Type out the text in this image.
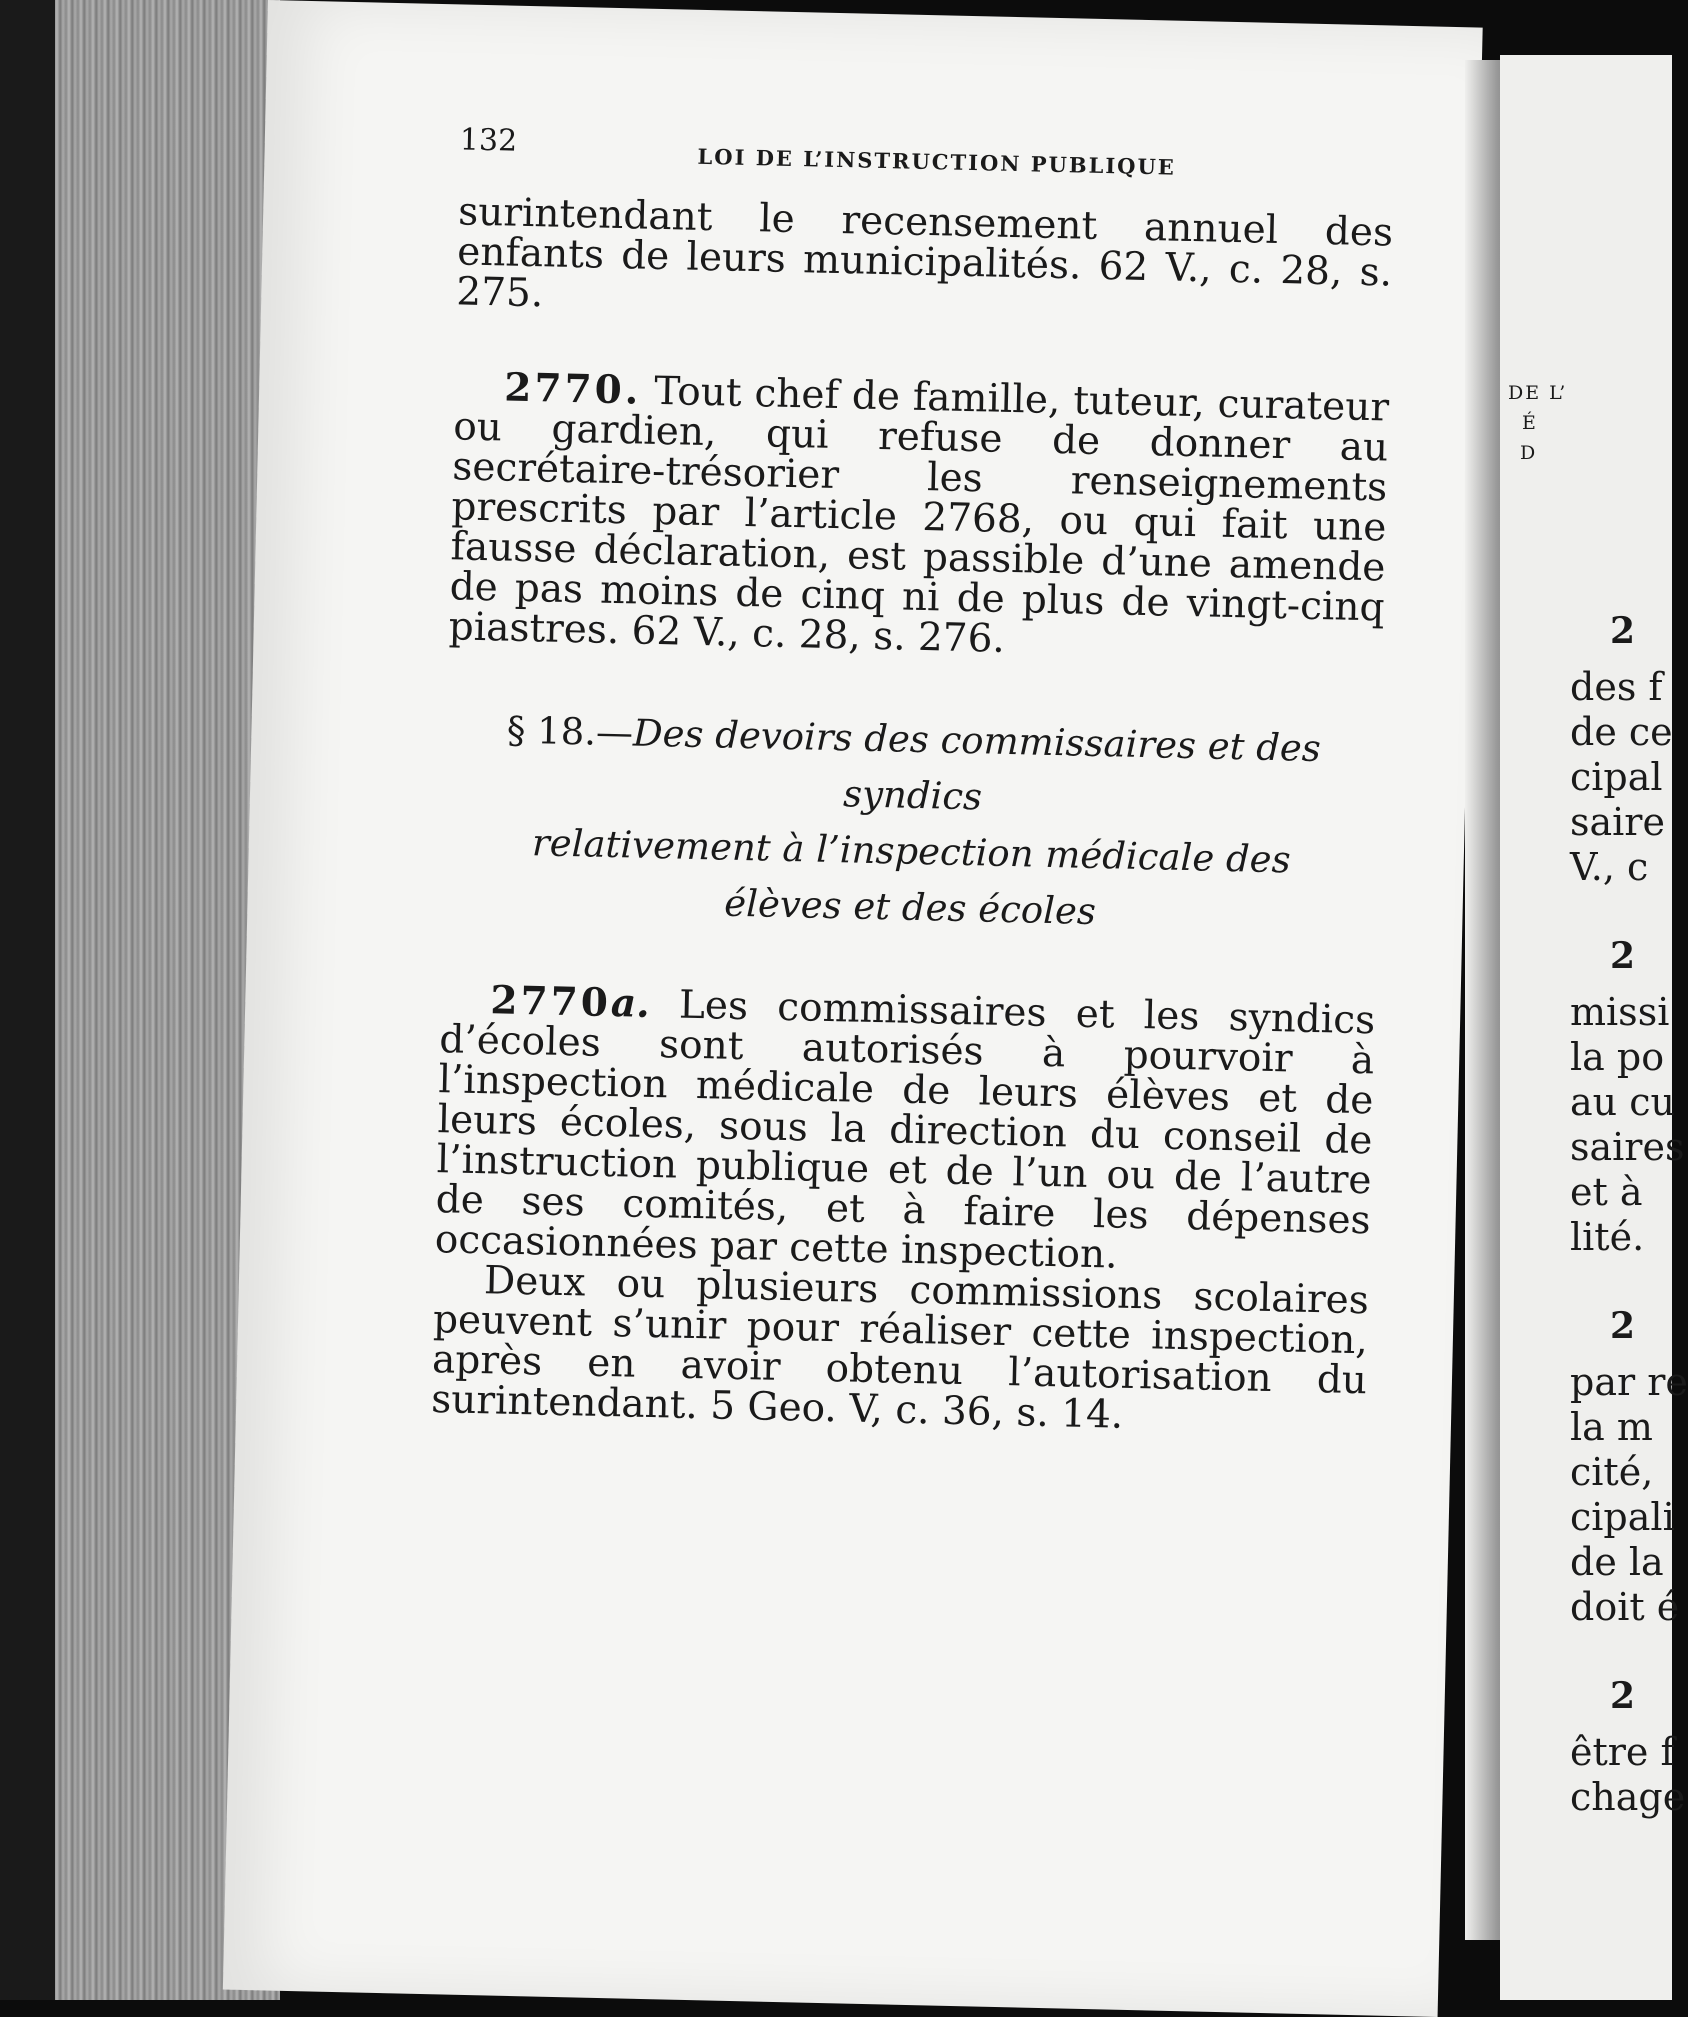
132
LOI DE L’INSTRUCTION PUBLIQUE

surintendant le recensement annuel des enfants de leurs municipalités. 62 V., c. 28, s. 275.

2770. Tout chef de famille, tuteur, curateur ou gardien, qui refuse de donner au secrétaire-trésorier les renseignements prescrits par l’article 2768, ou qui fait une fausse déclaration, est passible d’une amende de pas moins de cinq ni de plus de vingt-cinq piastres. 62 V., c. 28, s. 276.

§ 18.—Des devoirs des commissaires et des syndics

relativement à l’inspection médicale des

élèves et des écoles

2770a. Les commissaires et les syndics d’écoles sont autorisés à pourvoir à l’inspection médicale de leurs élèves et de leurs écoles, sous la direction du conseil de l’instruction publique et de l’un ou de l’autre de ses comités, et à faire les dépenses occasionnées par cette inspection.

Deux ou plusieurs commissions scolaires peuvent s’unir pour réaliser cette inspection, après en avoir obtenu l’autorisation du surintendant. 5 Geo. V, c. 36, s. 14.

DE L’
É
D
2
des f
de ce
cipal
saire
V., c
2
missi
la po
au cu
saires
et à
lité.
2
par re
la m
cité,
cipali
de la
doit é
2
être f
chage
